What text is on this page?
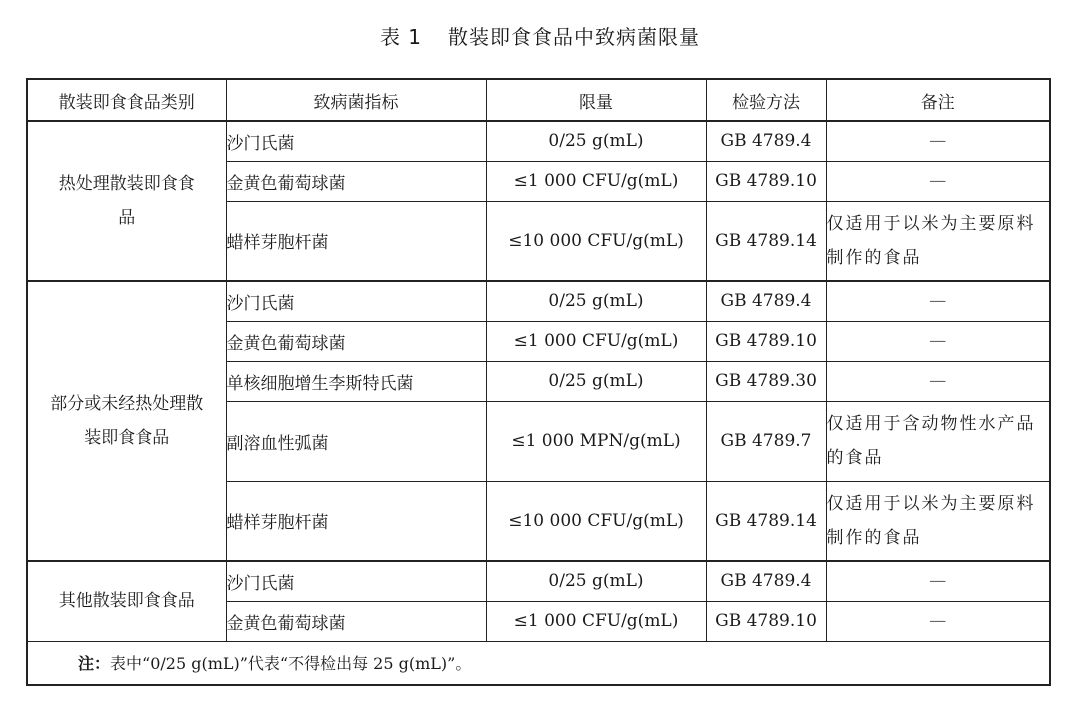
表 1 散装即食食品中致病菌限量
散装即食食品类别	致病菌指标	限量	检验方法	备注
热处理散装即食食品	沙门氏菌	0/25 g(mL)	GB 4789.4	—
	金黄色葡萄球菌	≤1 000 CFU/g(mL)	GB 4789.10	—
	蜡样芽胞杆菌	≤10 000 CFU/g(mL)	GB 4789.14	仅适用于以米为主要原料制作的食品
部分或未经热处理散装即食食品	沙门氏菌	0/25 g(mL)	GB 4789.4	—
	金黄色葡萄球菌	≤1 000 CFU/g(mL)	GB 4789.10	—
	单核细胞增生李斯特氏菌	0/25 g(mL)	GB 4789.30	—
	副溶血性弧菌	≤1 000 MPN/g(mL)	GB 4789.7	仅适用于含动物性水产品的食品
	蜡样芽胞杆菌	≤10 000 CFU/g(mL)	GB 4789.14	仅适用于以米为主要原料制作的食品
其他散装即食食品	沙门氏菌	0/25 g(mL)	GB 4789.4	—
	金黄色葡萄球菌	≤1 000 CFU/g(mL)	GB 4789.10	—
注：表中“0/25 g(mL)”代表“不得检出每 25 g(mL)”。				
